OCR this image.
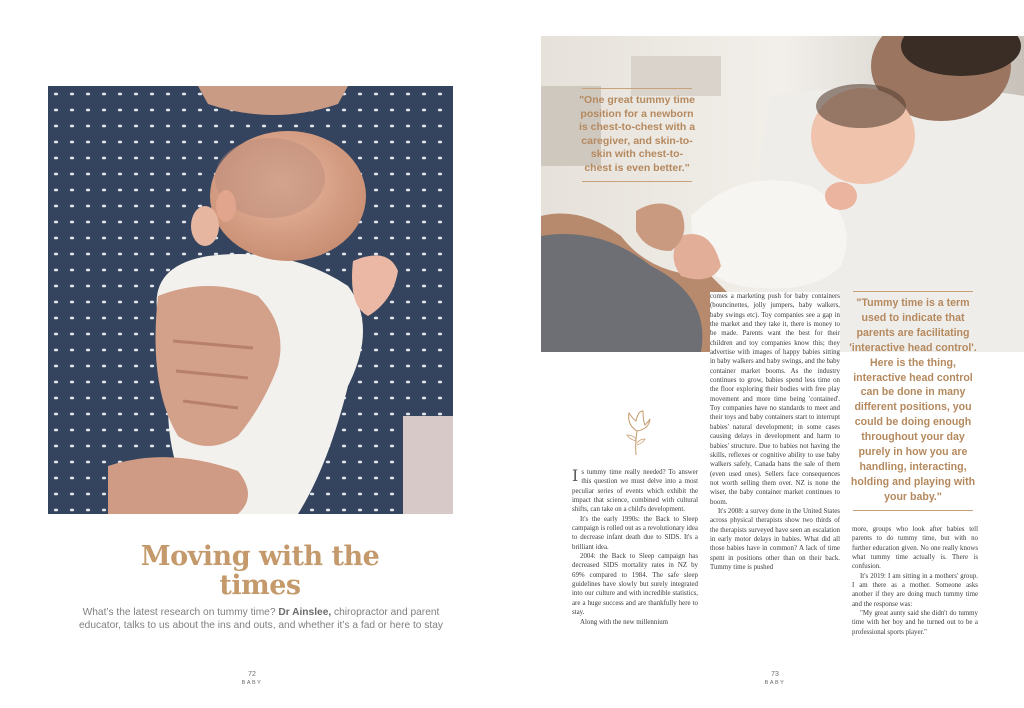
Moving with the times
What’s the latest research on tummy time? Dr Ainslee, chiropractor and parent educator, talks to us about the ins and outs, and whether it’s a fad or here to stay
72
BABY
"One great tummy time position for a newborn is chest-to-chest with a caregiver, and skin-to-skin with chest-to-chest is even better."

Is tummy time really needed? To answer this question we must delve into a most peculiar series of events which exhibit the impact that science, combined with cultural shifts, can take on a child's development.

It's the early 1990s: the Back to Sleep campaign is rolled out as a revolutionary idea to decrease infant death due to SIDS. It's a brilliant idea.

2004: the Back to Sleep campaign has decreased SIDS mortality rates in NZ by 69% compared to 1984. The safe sleep guidelines have slowly but surely integrated into our culture and with incredible statistics, are a huge success and are thankfully here to stay.

Along with the new millennium

comes a marketing push for baby containers (bouncinettes, jolly jumpers, baby walkers, baby swings etc). Toy companies see a gap in the market and they take it, there is money to be made. Parents want the best for their children and toy companies know this; they advertise with images of happy babies sitting in baby walkers and baby swings, and the baby container market booms. As the industry continues to grow, babies spend less time on the floor exploring their bodies with free play movement and more time being 'contained'. Toy companies have no standards to meet and their toys and baby containers start to interrupt babies' natural development; in some cases causing delays in development and harm to babies' structure. Due to babies not having the skills, reflexes or cognitive ability to use baby walkers safely, Canada bans the sale of them (even used ones). Sellers face consequences not worth selling them over. NZ is none the wiser, the baby container market continues to boom.

It's 2008: a survey done in the United States across physical therapists show two thirds of the therapists surveyed have seen an escalation in early motor delays in babies. What did all those babies have in common? A lack of time spent in positions other than on their back. Tummy time is pushed

"Tummy time is a term used to indicate that parents are facilitating 'interactive head control'. Here is the thing, interactive head control can be done in many different positions, you could be doing enough throughout your day purely in how you are handling, interacting, holding and playing with your baby."

more, groups who look after babies tell parents to do tummy time, but with no further education given. No one really knows what tummy time actually is. There is confusion.

It's 2019: I am sitting in a mothers' group. I am there as a mother. Someone asks another if they are doing much tummy time and the response was:

"My great aunty said she didn't do tummy time with her boy and he turned out to be a professional sports player."

73
BABY
